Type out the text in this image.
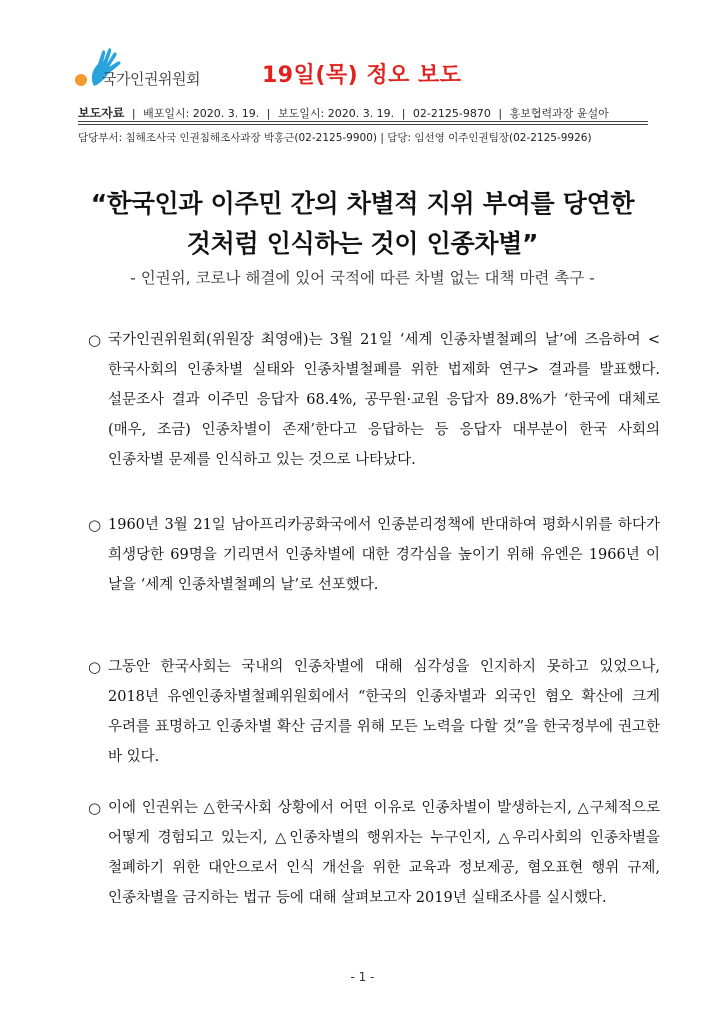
국가인권위원회	19일(목) 정오 보도
보도자료 | 배포일시: 2020. 3. 19. | 보도일시: 2020. 3. 19. | 02-2125-9870 | 홍보협력과장 윤설아
담당부서: 침해조사국 인권침해조사과장 박홍근(02-2125-9900) | 담당: 임선영 이주인권팀장(02-2125-9926)
“한국인과 이주민 간의 차별적 지위 부여를 당연한
것처럼 인식하는 것이 인종차별”
- 인권위, 코로나 해결에 있어 국적에 따른 차별 없는 대책 마련 촉구 -
○ 국가인권위원회(위원장 최영애)는 3월 21일 ‘세계 인종차별철폐의 날’에 즈음하여 <한국사회의 인종차별 실태와 인종차별철폐를 위한 법제화 연구> 결과를 발표했다. 설문조사 결과 이주민 응답자 68.4%, 공무원·교원 응답자 89.8%가 ‘한국에 대체로(매우, 조금) 인종차별이 존재’한다고 응답하는 등 응답자 대부분이 한국 사회의 인종차별 문제를 인식하고 있는 것으로 나타났다.
○ 1960년 3월 21일 남아프리카공화국에서 인종분리정책에 반대하여 평화시위를 하다가 희생당한 69명을 기리면서 인종차별에 대한 경각심을 높이기 위해 유엔은 1966년 이 날을 ‘세계 인종차별철폐의 날’로 선포했다.
○ 그동안 한국사회는 국내의 인종차별에 대해 심각성을 인지하지 못하고 있었으나, 2018년 유엔인종차별철폐위원회에서 “한국의 인종차별과 외국인 혐오 확산에 크게 우려를 표명하고 인종차별 확산 금지를 위해 모든 노력을 다할 것”을 한국정부에 권고한 바 있다.
○ 이에 인권위는 △한국사회 상황에서 어떤 이유로 인종차별이 발생하는지, △구체적으로 어떻게 경험되고 있는지, △인종차별의 행위자는 누구인지, △우리사회의 인종차별을 철폐하기 위한 대안으로서 인식 개선을 위한 교육과 정보제공, 혐오표현 행위 규제, 인종차별을 금지하는 법규 등에 대해 살펴보고자 2019년 실태조사를 실시했다.
- 1 -
